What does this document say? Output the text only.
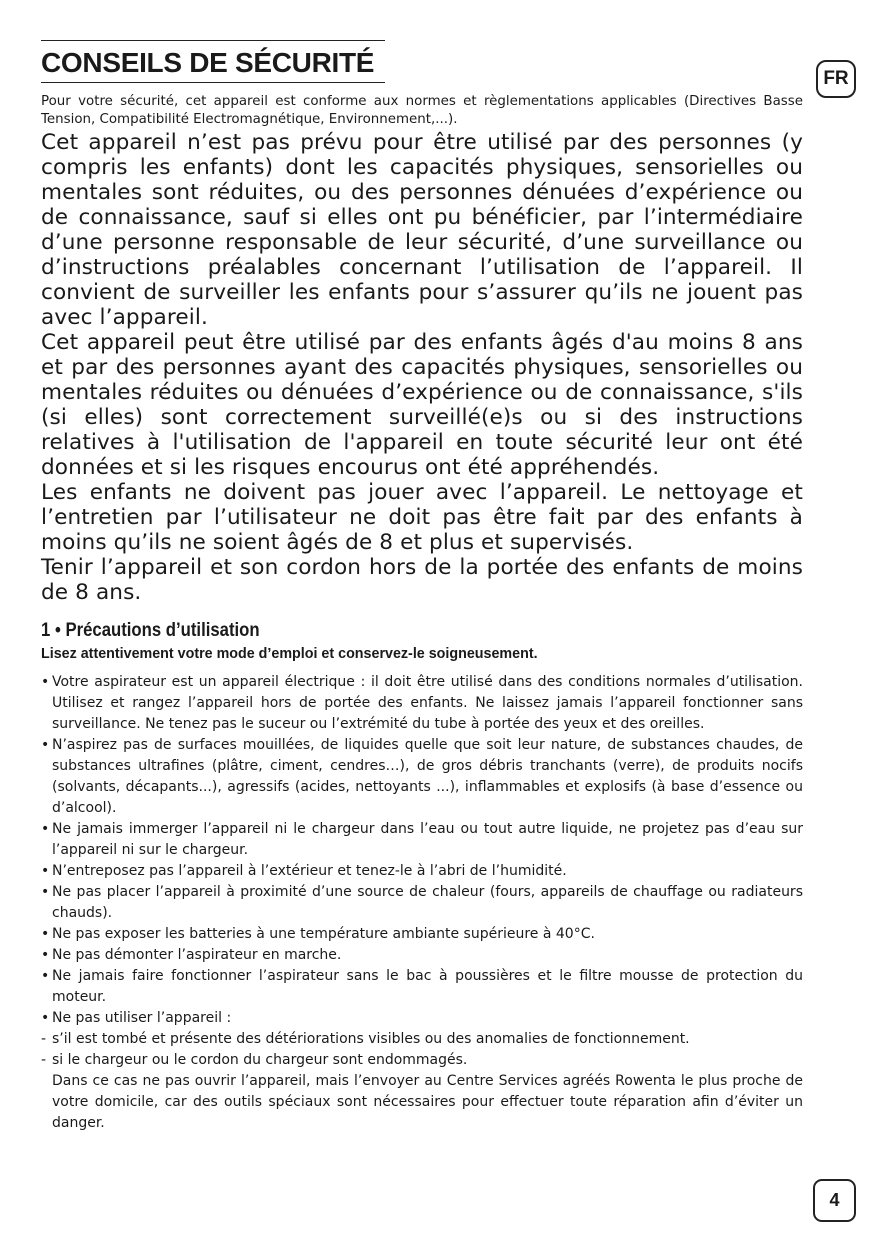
FR
CONSEILS DE SÉCURITÉ
Pour votre sécurité, cet appareil est conforme aux normes et règlementations applicables (Directives Basse Tension, Compatibilité Electromagnétique, Environnement,...).

Cet appareil n’est pas prévu pour être utilisé par des personnes (y compris les enfants) dont les capacités physiques, sensorielles ou mentales sont réduites, ou des personnes dénuées d’expérience ou de connaissance, sauf si elles ont pu bénéficier, par l’intermédiaire d’une personne responsable de leur sécurité, d’une surveillance ou d’instructions préalables concernant l’utilisation de l’appareil. Il convient de surveiller les enfants pour s’assurer qu’ils ne jouent pas avec l’appareil.

Cet appareil peut être utilisé par des enfants âgés d'au moins 8 ans et par des personnes ayant des capacités physiques, sensorielles ou mentales réduites ou dénuées d’expérience ou de connaissance, s'ils (si elles) sont correctement surveillé(e)s ou si des instructions relatives à l'utilisation de l'appareil en toute sécurité leur ont été données et si les risques encourus ont été appréhendés.

Les enfants ne doivent pas jouer avec l’appareil. Le nettoyage et l’entretien par l’utilisateur ne doit pas être fait par des enfants à moins qu’ils ne soient âgés de 8 et plus et supervisés.

Tenir l’appareil et son cordon hors de la portée des enfants de moins de 8 ans.

1 • Précautions d’utilisation
Lisez attentivement votre mode d’emploi et conservez-le soigneusement.
• Votre aspirateur est un appareil électrique : il doit être utilisé dans des conditions normales d’utilisation. Utilisez et rangez l’appareil hors de portée des enfants. Ne laissez jamais l’appareil fonctionner sans surveillance. Ne tenez pas le suceur ou l’extrémité du tube à portée des yeux et des oreilles.
• N’aspirez pas de surfaces mouillées, de liquides quelle que soit leur nature, de substances chaudes, de substances ultrafines (plâtre, ciment, cendres…), de gros débris tranchants (verre), de produits nocifs (solvants, décapants...), agressifs (acides, nettoyants ...), inflammables et explosifs (à base d’essence ou d’alcool).
• Ne jamais immerger l’appareil ni le chargeur dans l’eau ou tout autre liquide, ne projetez pas d’eau sur l’appareil ni sur le chargeur.
• N’entreposez pas l’appareil à l’extérieur et tenez-le à l’abri de l’humidité.
• Ne pas placer l’appareil à proximité d’une source de chaleur (fours, appareils de chauffage ou radiateurs chauds).
• Ne pas exposer les batteries à une température ambiante supérieure à 40°C.
• Ne pas démonter l’aspirateur en marche.
• Ne jamais faire fonctionner l’aspirateur sans le bac à poussières et le filtre mousse de protection du moteur.
• Ne pas utiliser l’appareil :
- s’il est tombé et présente des détériorations visibles ou des anomalies de fonctionnement.
- si le chargeur ou le cordon du chargeur sont endommagés.
Dans ce cas ne pas ouvrir l’appareil, mais l’envoyer au Centre Services agréés Rowenta le plus proche de votre domicile, car des outils spéciaux sont nécessaires pour effectuer toute réparation afin d’éviter un danger.
4
